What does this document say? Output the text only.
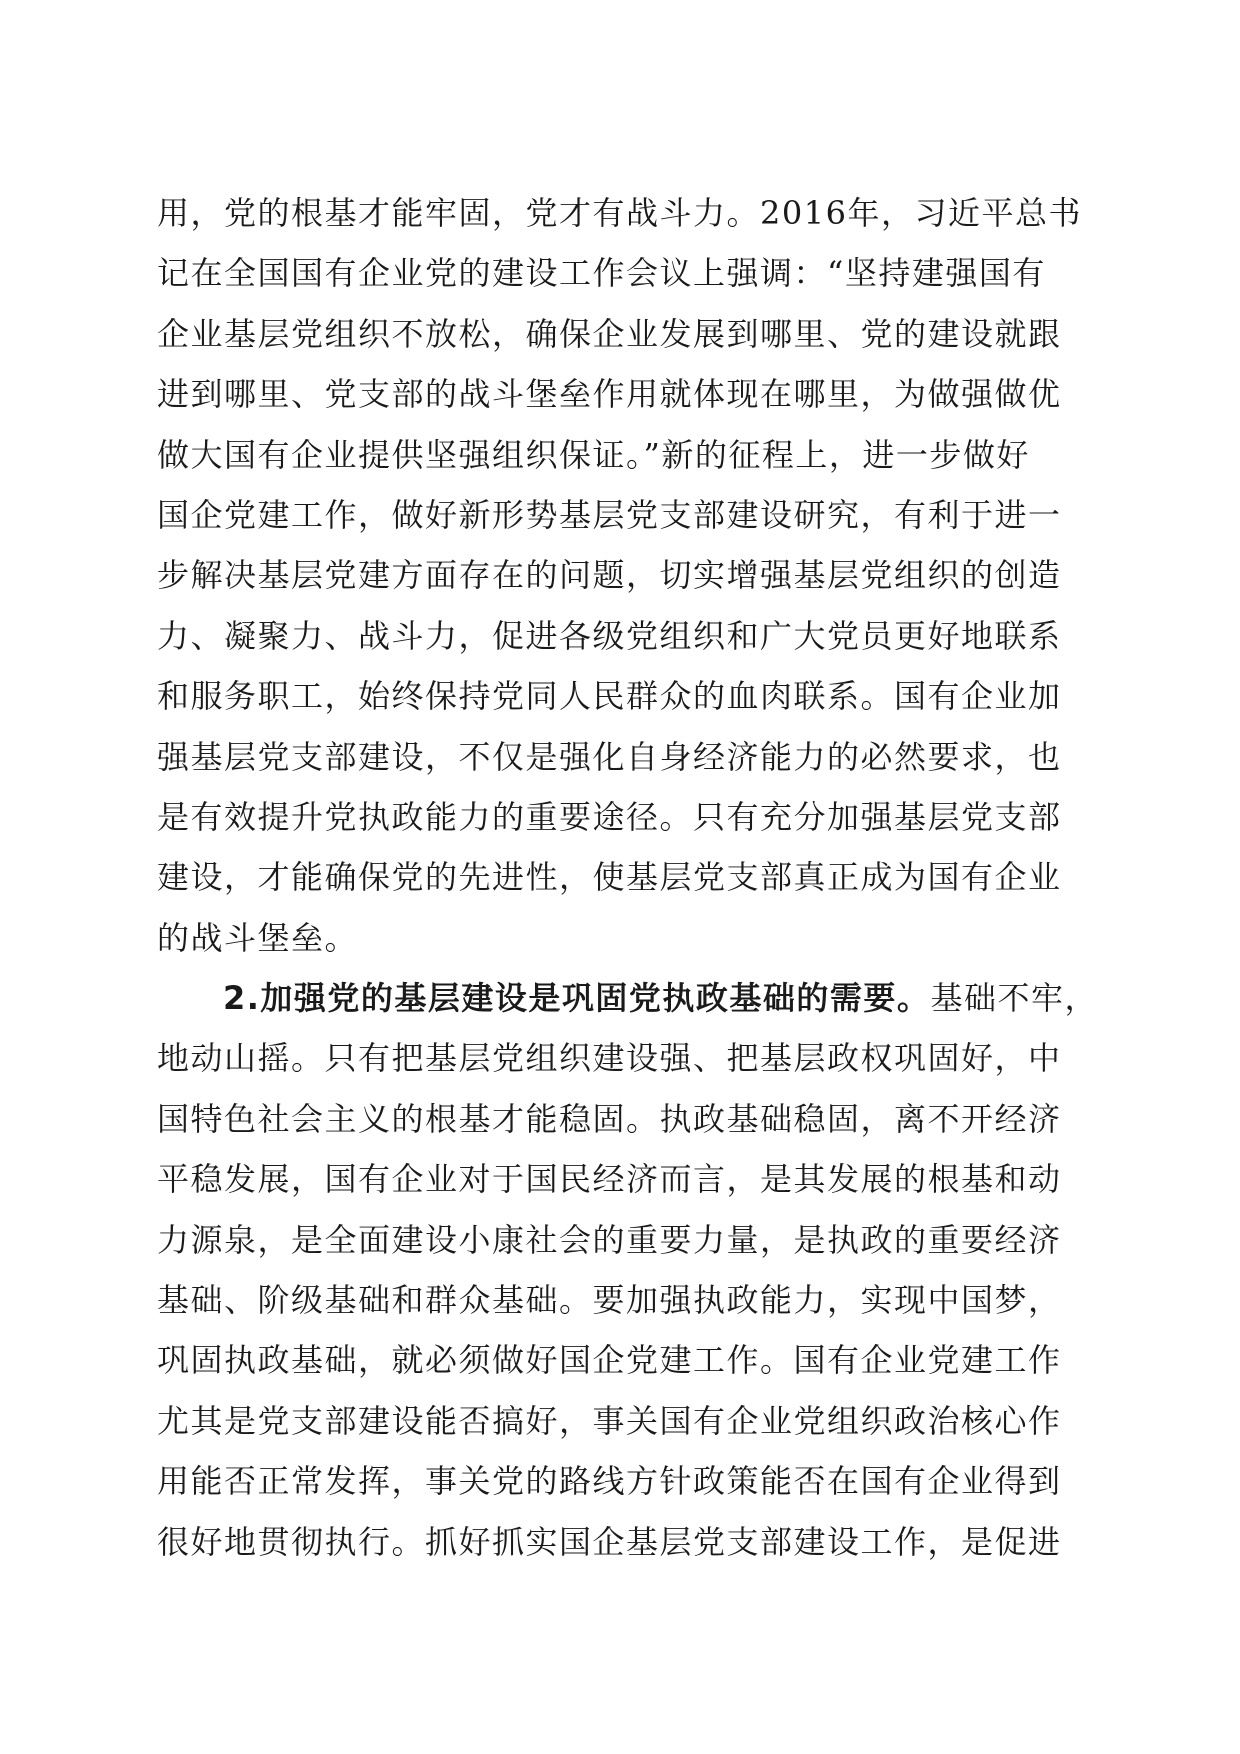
用，党的根基才能牢固，党才有战斗力。2016年，习近平总书
记在全国国有企业党的建设工作会议上强调：“坚持建强国有
企业基层党组织不放松，确保企业发展到哪里、党的建设就跟
进到哪里、党支部的战斗堡垒作用就体现在哪里，为做强做优
做大国有企业提供坚强组织保证。”新的征程上，进一步做好
国企党建工作，做好新形势基层党支部建设研究，有利于进一
步解决基层党建方面存在的问题，切实增强基层党组织的创造
力、凝聚力、战斗力，促进各级党组织和广大党员更好地联系
和服务职工，始终保持党同人民群众的血肉联系。国有企业加
强基层党支部建设，不仅是强化自身经济能力的必然要求，也
是有效提升党执政能力的重要途径。只有充分加强基层党支部
建设，才能确保党的先进性，使基层党支部真正成为国有企业
的战斗堡垒。
2.加强党的基层建设是巩固党执政基础的需要。基础不牢，
地动山摇。只有把基层党组织建设强、把基层政权巩固好，中
国特色社会主义的根基才能稳固。执政基础稳固，离不开经济
平稳发展，国有企业对于国民经济而言，是其发展的根基和动
力源泉，是全面建设小康社会的重要力量，是执政的重要经济
基础、阶级基础和群众基础。要加强执政能力，实现中国梦，
巩固执政基础，就必须做好国企党建工作。国有企业党建工作
尤其是党支部建设能否搞好，事关国有企业党组织政治核心作
用能否正常发挥，事关党的路线方针政策能否在国有企业得到
很好地贯彻执行。抓好抓实国企基层党支部建设工作，是促进
